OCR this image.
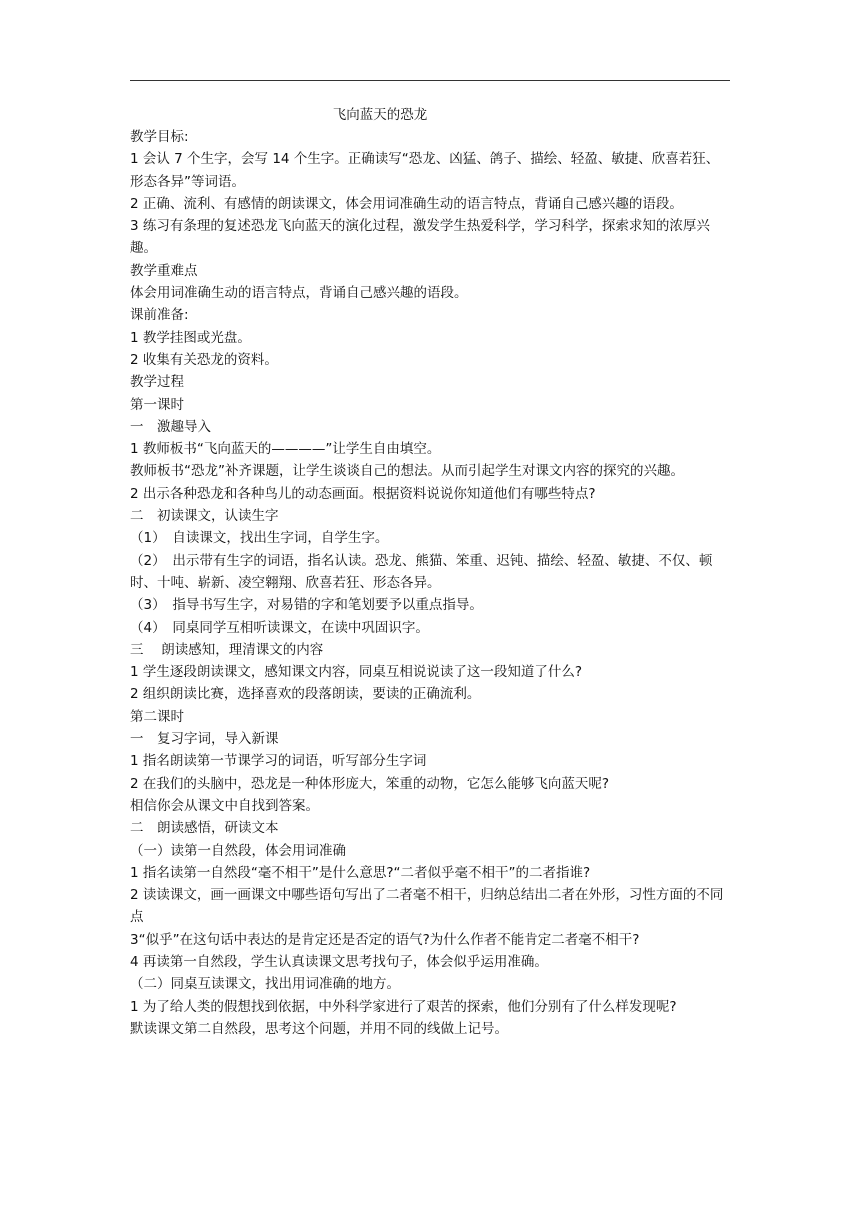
飞向蓝天的恐龙

教学目标:

1 会认 7 个生字，会写 14 个生字。正确读写“恐龙、凶猛、鸽子、描绘、轻盈、敏捷、欣喜若狂、形态各异”等词语。

2 正确、流利、有感情的朗读课文，体会用词准确生动的语言特点，背诵自己感兴趣的语段。

3 练习有条理的复述恐龙飞向蓝天的演化过程，激发学生热爱科学，学习科学，探索求知的浓厚兴趣。

教学重难点

体会用词准确生动的语言特点，背诵自己感兴趣的语段。

课前准备:

1 教学挂图或光盘。

2 收集有关恐龙的资料。

教学过程

第一课时

一　激趣导入

1 教师板书“飞向蓝天的————”让学生自由填空。

教师板书“恐龙”补齐课题，让学生谈谈自己的想法。从而引起学生对课文内容的探究的兴趣。

2 出示各种恐龙和各种鸟儿的动态画面。根据资料说说你知道他们有哪些特点?

二　初读课文，认读生字

（1）　自读课文，找出生字词，自学生字。

（2）　出示带有生字的词语，指名认读。恐龙、熊猫、笨重、迟钝、描绘、轻盈、敏捷、不仅、顿时、十吨、崭新、凌空翱翔、欣喜若狂、形态各异。

（3）　指导书写生字，对易错的字和笔划要予以重点指导。

（4）　同桌同学互相听读课文，在读中巩固识字。

三　 朗读感知，理清课文的内容

1 学生逐段朗读课文，感知课文内容，同桌互相说说读了这一段知道了什么?

2 组织朗读比赛，选择喜欢的段落朗读，要读的正确流利。

第二课时

一　复习字词，导入新课

1 指名朗读第一节课学习的词语，听写部分生字词

2 在我们的头脑中，恐龙是一种体形庞大，笨重的动物，它怎么能够飞向蓝天呢?

相信你会从课文中自找到答案。

二　朗读感悟，研读文本

（一）读第一自然段，体会用词准确

1 指名读第一自然段“毫不相干”是什么意思?“二者似乎毫不相干”的二者指谁?

2 读读课文，画一画课文中哪些语句写出了二者毫不相干，归纳总结出二者在外形，习性方面的不同点

3“似乎”在这句话中表达的是肯定还是否定的语气?为什么作者不能肯定二者毫不相干?

4 再读第一自然段，学生认真读课文思考找句子，体会似乎运用准确。

（二）同桌互读课文，找出用词准确的地方。

1 为了给人类的假想找到依据，中外科学家进行了艰苦的探索，他们分别有了什么样发现呢?

默读课文第二自然段，思考这个问题，并用不同的线做上记号。
